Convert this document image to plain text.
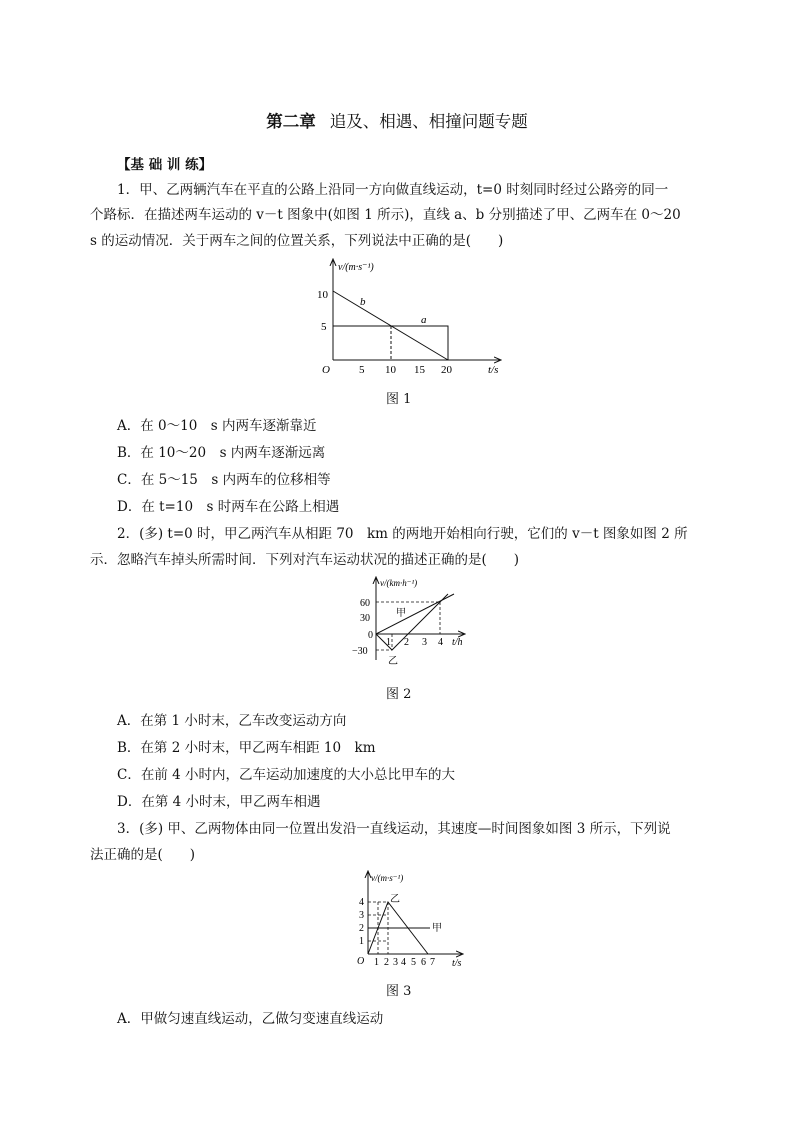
第二章 追及、相遇、相撞问题专题
【基 础 训 练】
1．甲、乙两辆汽车在平直的公路上沿同一方向做直线运动，t=0 时刻同时经过公路旁的同一
个路标．在描述两车运动的 v－t 图象中(如图 1 所示)，直线 a、b 分别描述了甲、乙两车在 0～20
s 的运动情况．关于两车之间的位置关系，下列说法中正确的是(　　)
v/(m·s⁻¹)
t/s
O
10
5
5 10 15 20
b
a
图 1
A．在 0～10　s 内两车逐渐靠近
B．在 10～20　s 内两车逐渐远离
C．在 5～15　s 内两车的位移相等
D．在 t=10　s 时两车在公路上相遇
2．(多) t=0 时，甲乙两汽车从相距 70　km 的两地开始相向行驶，它们的 v－t 图象如图 2 所
示．忽略汽车掉头所需时间．下列对汽车运动状况的描述正确的是(　　)
v/(km·h⁻¹)
t/h
0
60
30
−30
1 2 3 4
甲
乙
图 2
A．在第 1 小时末，乙车改变运动方向
B．在第 2 小时末，甲乙两车相距 10　km
C．在前 4 小时内，乙车运动加速度的大小总比甲车的大
D．在第 4 小时末，甲乙两车相遇
3．(多) 甲、乙两物体由同一位置出发沿一直线运动，其速度—时间图象如图 3 所示，下列说
法正确的是(　　)
v/(m·s⁻¹)
t/s
O
4
3
2
1
1 2 3 4 5 6 7
乙
甲
图 3
A．甲做匀速直线运动，乙做匀变速直线运动
